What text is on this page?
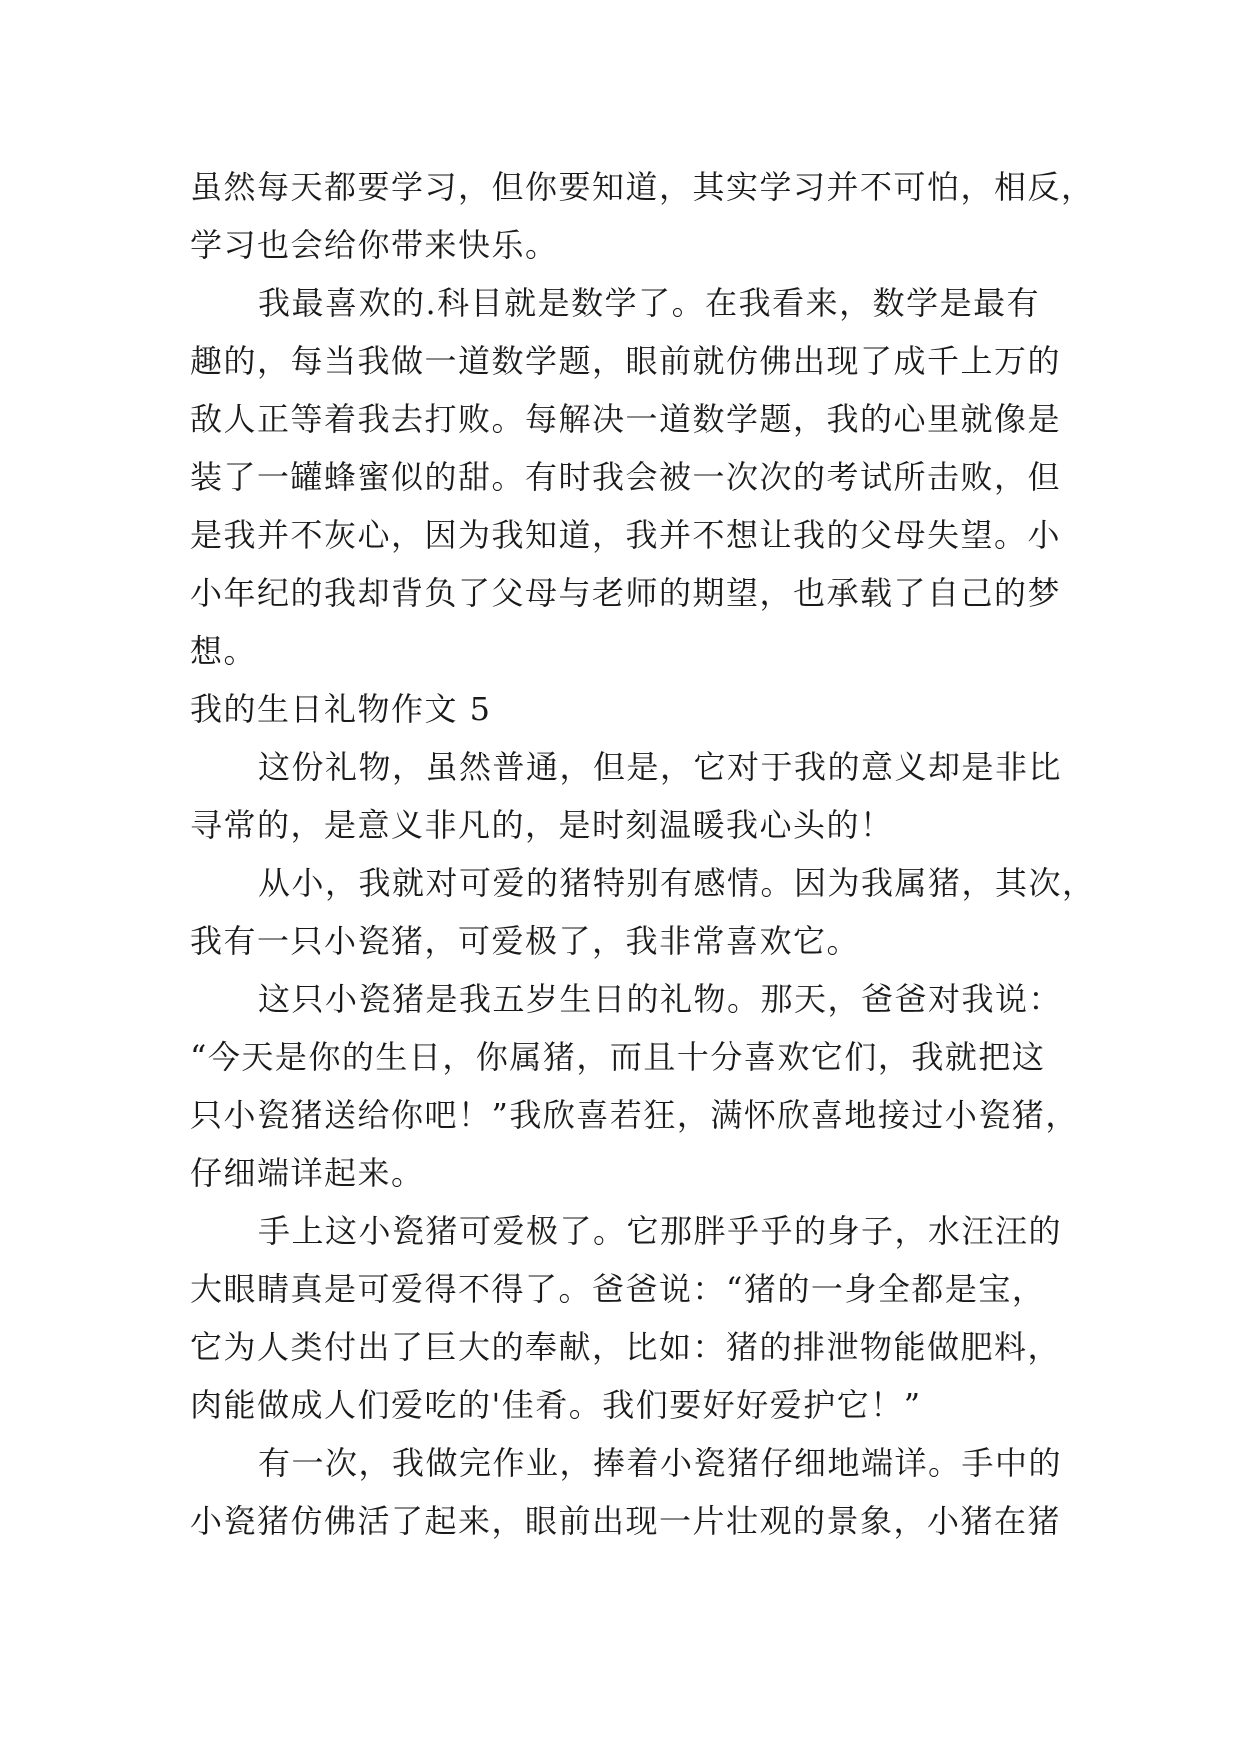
虽然每天都要学习，但你要知道，其实学习并不可怕，相反，
学习也会给你带来快乐。
我最喜欢的.科目就是数学了。在我看来，数学是最有
趣的，每当我做一道数学题，眼前就仿佛出现了成千上万的
敌人正等着我去打败。每解决一道数学题，我的心里就像是
装了一罐蜂蜜似的甜。有时我会被一次次的考试所击败，但
是我并不灰心，因为我知道，我并不想让我的父母失望。小
小年纪的我却背负了父母与老师的期望，也承载了自己的梦
想。
我的生日礼物作文 5
这份礼物，虽然普通，但是，它对于我的意义却是非比
寻常的，是意义非凡的，是时刻温暖我心头的！
从小，我就对可爱的猪特别有感情。因为我属猪，其次，
我有一只小瓷猪，可爱极了，我非常喜欢它。
这只小瓷猪是我五岁生日的礼物。那天，爸爸对我说：
“今天是你的生日，你属猪，而且十分喜欢它们，我就把这
只小瓷猪送给你吧！”我欣喜若狂，满怀欣喜地接过小瓷猪，
仔细端详起来。
手上这小瓷猪可爱极了。它那胖乎乎的身子，水汪汪的
大眼睛真是可爱得不得了。爸爸说：“猪的一身全都是宝，
它为人类付出了巨大的奉献，比如：猪的排泄物能做肥料，
肉能做成人们爱吃的'佳肴。我们要好好爱护它！”
有一次，我做完作业，捧着小瓷猪仔细地端详。手中的
小瓷猪仿佛活了起来，眼前出现一片壮观的景象，小猪在猪
